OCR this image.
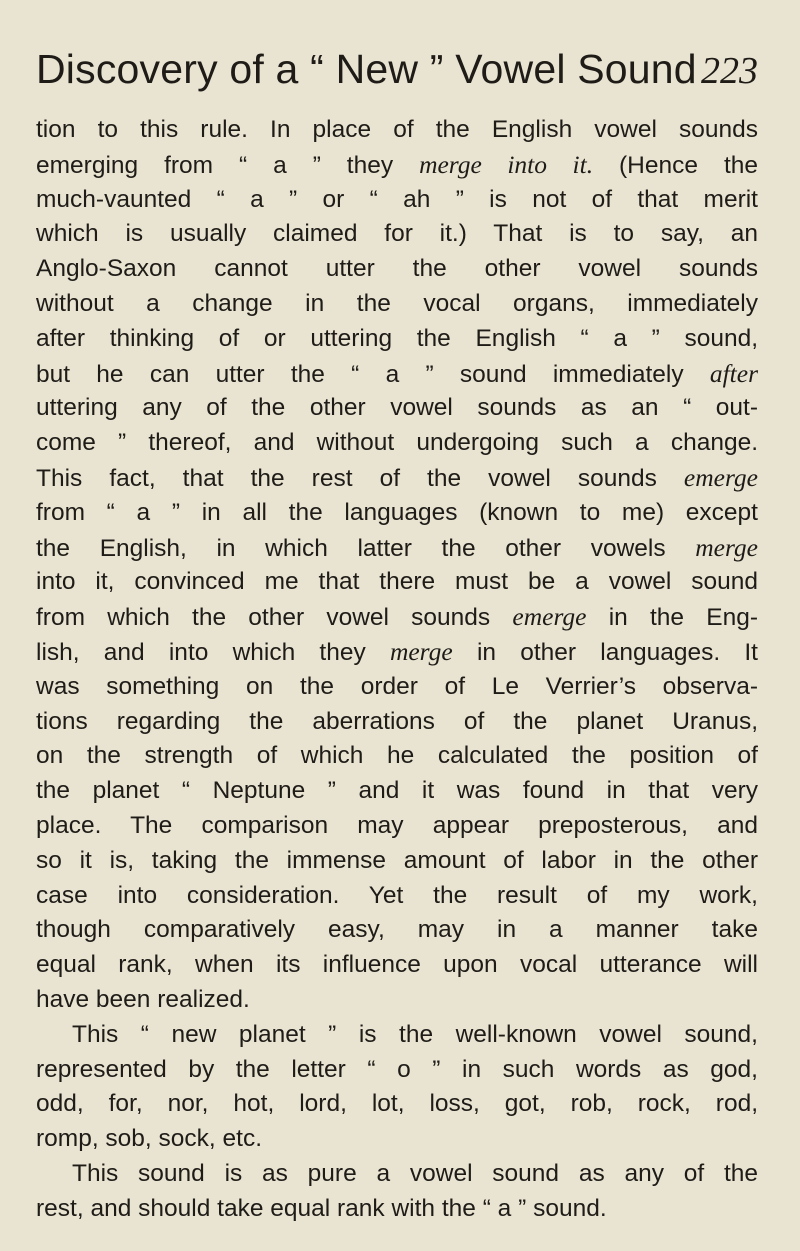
Discovery of a “ New ” Vowel Sound 223
tion to this rule. In place of the English vowel sounds
emerging from “ a ” they merge into it. (Hence the
much-vaunted “ a ” or “ ah ” is not of that merit
which is usually claimed for it.) That is to say, an
Anglo-Saxon cannot utter the other vowel sounds
without a change in the vocal organs, immediately
after thinking of or uttering the English “ a ” sound,
but he can utter the “ a ” sound immediately after
uttering any of the other vowel sounds as an “ out-
come ” thereof, and without undergoing such a change.
This fact, that the rest of the vowel sounds emerge
from “ a ” in all the languages (known to me) except
the English, in which latter the other vowels merge
into it, convinced me that there must be a vowel sound
from which the other vowel sounds emerge in the Eng-
lish, and into which they merge in other languages. It
was something on the order of Le Verrier’s observa-
tions regarding the aberrations of the planet Uranus,
on the strength of which he calculated the position of
the planet “ Neptune ” and it was found in that very
place. The comparison may appear preposterous, and
so it is, taking the immense amount of labor in the other
case into consideration. Yet the result of my work,
though comparatively easy, may in a manner take
equal rank, when its influence upon vocal utterance will
have been realized.
This “ new planet ” is the well-known vowel sound,
represented by the letter “ o ” in such words as god,
odd, for, nor, hot, lord, lot, loss, got, rob, rock, rod,
romp, sob, sock, etc.
This sound is as pure a vowel sound as any of the
rest, and should take equal rank with the “ a ” sound.
